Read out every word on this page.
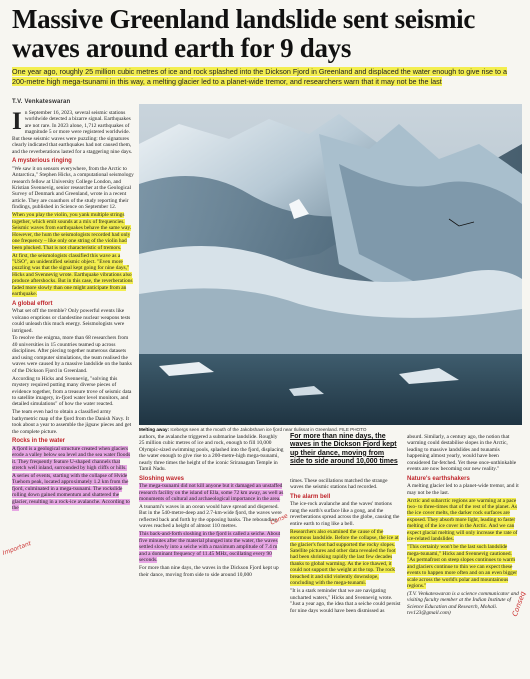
Massive Greenland landslide sent seismic waves around earth for 9 days
One year ago, roughly 25 million cubic metres of ice and rock splashed into the Dickson Fjord in Greenland and displaced the water enough to give rise to a 200-metre high mega-tsunami in this way, a melting glacier led to a planet-wide tremor, and researchers warn that it may not be the last
T.V. Venkateswaran

In September 16, 2023, several seismic stations worldwide detected a bizarre signal. Earthquakes are not rare. In 2023 alone, 1,712 earthquakes of magnitude 5 or more were registered worldwide. But these seismic waves were puzzling: the signatures clearly indicated that earthquakes had not caused them, and the reverberations lasted for a staggering nine days.

A mysterious ringing

"We saw it on sensors everywhere, from the Arctic to Antarctica," Stephen Hicks, a computational seismology research fellow at University College London, and Kristian Svennevig, senior researcher at the Geological Survey of Denmark and Greenland, wrote in a recent article. They are coauthors of the study reporting their findings, published in Science on September 12.

When you play the violin, you yank multiple strings together, which emit sounds at a mix of frequencies. Seismic waves from earthquakes behave the same way. However, the hum the seismologists recorded had only one frequency – like only one string of the violin had been plucked. That is not characteristic of tremors.

At first, the seismologists classified this wave as a "USO", an unidentified seismic object. "Even more puzzling was that the signal kept going for nine days," Hicks and Svennevig wrote. Earthquake vibrations also produce aftershocks. But in this case, the reverberations faded more slowly than one might anticipate from an earthquake.

A global effort

What set off the tremble? Only powerful events like volcano eruptions or clandestine nuclear weapons tests could unleash this much energy. Seismologists were intrigued.

To resolve the enigma, more than 68 researchers from 40 universities in 15 countries teamed up across disciplines. After piecing together numerous datasets and using computer simulations, the team realised the waves were caused by a massive landslide on the banks of the Dickson Fjord in Greenland.

According to Hicks and Svennevig, "solving this mystery required putting many diverse pieces of evidence together, from a treasure trove of seismic data to satellite imagery, in-fjord water level monitors, and detailed simulations" of how the water reacted.

The team even had to obtain a classified army bathymetric map of the fjord from the Danish Navy. It took about a year to assemble the jigsaw pieces and get the complete picture.

Rocks in the water

A fjord is a geological structure created when glaciers erode a valley below sea level and the sea water floods it. They frequently feature U-shaped channels that stretch well inland, surrounded by high cliffs or hills.

A series of events, starting with the collapse of Hvide Tuehorn peak, located approximately 1.2 km from the fjord, culminated in a mega-tsunami. The rockslide rolling down gained momentum and shattered the glacier, resulting in a rock-ice avalanche. According to the

Melting away: Icebergs seen at the mouth of the Jakobshavn ice fjord near Ilulissat in Greenland. FILE PHOTO

authors, the avalanche triggered a submarine landslide. Roughly 25 million cubic metres of ice and rock, enough to fill 10,000 Olympic-sized swimming pools, splashed into the fjord, displacing the water enough to give rise to a 200-metre-high mega-tsunami, nearly three times the height of the iconic Sriranagam Temple in Tamil Nadu.

Sloshing waves

The mega-tsunami did not kill anyone but it damaged an unstaffed research facility on the island of Ella, some 72 km away, as well as monuments of cultural and archaeological importance in the area.

A tsunami's waves in an ocean would have spread and dispersed. But in the 540-metre-deep and 2.7-km-wide fjord, the waves were reflected back and forth by the opposing banks. The rebounding waves reached a height of almost 110 metres.

This back-and-forth sloshing in the fjord is called a seiche. About five minutes after the material plunged into the water, the waves settled slowly into a seiche with a maximum amplitude of 7.4 m and a dominant frequency of 11.45 MHz, oscillating every 90 seconds.

For more than nine days, the waves in the Dickson Fjord kept up their dance, moving from side to side around 10,000

For more than nine days, the waves in the Dickson Fjord kept up their dance, moving from side to side around 10,000 times

times. These oscillations matched the strange waves the seismic stations had recorded.

The alarm bell

The ice-rock avalanche and the waves' motions rang the earth's surface like a gong, and the reverberations spread across the globe, causing the entire earth to ring like a bell.

Researchers also examined the cause of the enormous landslide. Before the collapse, the ice at the glacier's foot had supported the rocky slopes. Satellite pictures and other data revealed the foot had been shrinking rapidly the last few decades thanks to global warming. As the ice thawed, it could not support the weight at the top. The rock breached it and slid violently downslope, concluding with the mega-tsunami.

"It is a stark reminder that we are navigating uncharted waters," Hicks and Svennevig wrote. "Just a year ago, the idea that a seiche could persist for nine days would have been dismissed as

absurd. Similarly, a century ago, the notion that warming could destabilise slopes in the Arctic, leading to massive landslides and tsunamis happening almost yearly, would have been considered far-fetched. Yet these once-unthinkable events are now becoming our new reality."

Nature's earthshakers

A melting glacier led to a planet-wide tremor, and it may not be the last.

Arctic and subarctic regions are warming at a pace two- to three-times that of the rest of the planet. As the ice cover melts, the darker rock surfaces are exposed. They absorb more light, leading to faster melting of the ice cover in the Arctic. And we can expect glacial melting will only increase the rate of ice-related landslides.

"This certainly won't be the last such landslide mega-tsunami," Hicks and Svennevig cautioned. "As permafrost on steep slopes continues to warm and glaciers continue to thin we can expect these events to happen more often and on an even bigger scale across the world's polar and mountainous regions."

(T.V. Venkateswaran is a science communicator and visiting faculty member at the Indian Institute of Science Education and Research, Mohali. tvv123@gmail.com)

Important
Conse
Conseq
